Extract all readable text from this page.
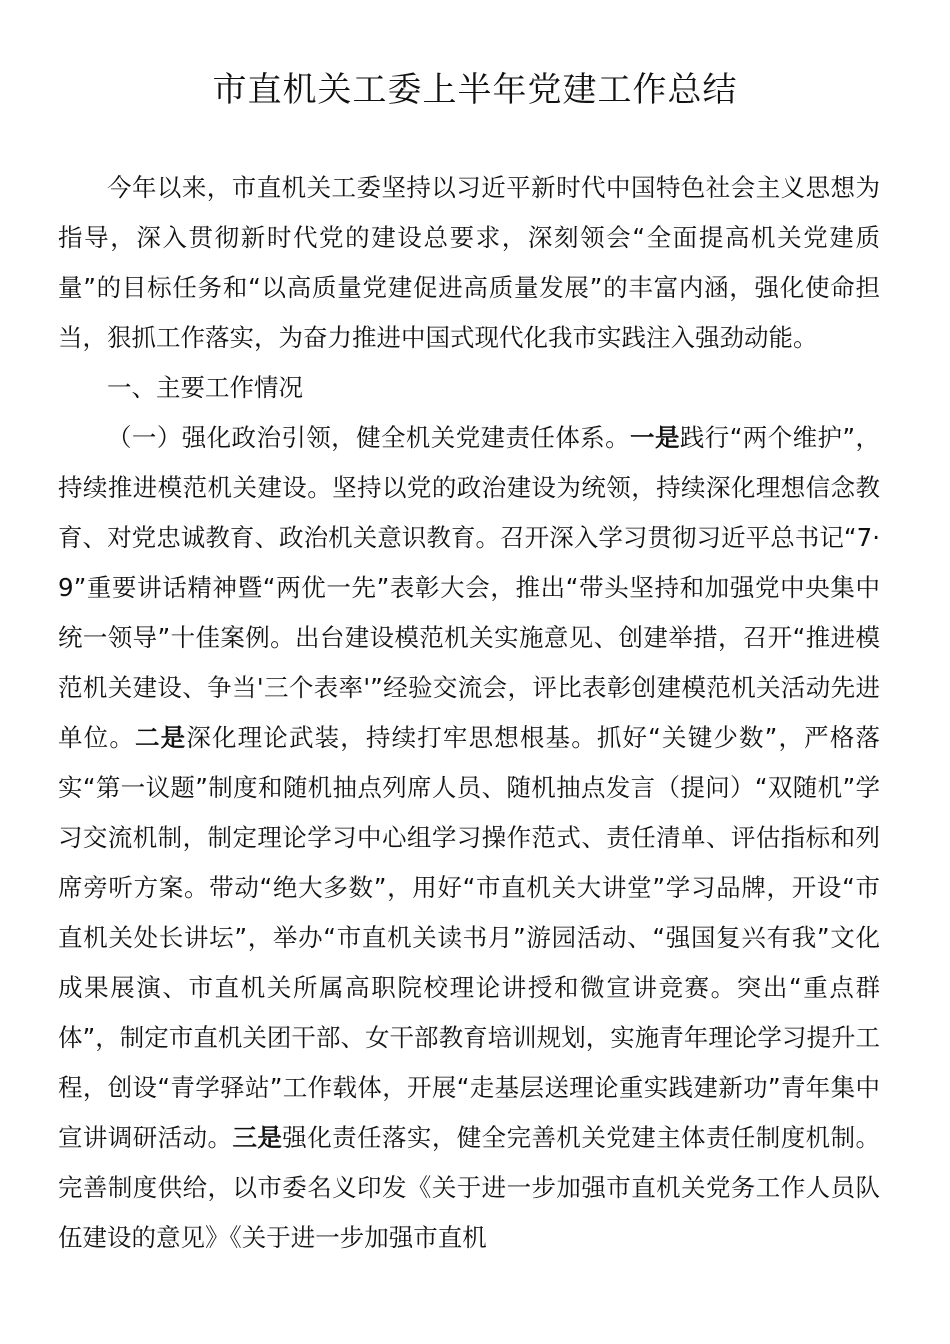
市直机关工委上半年党建工作总结

今年以来，市直机关工委坚持以习近平新时代中国特色社会主义思想为指导，深入贯彻新时代党的建设总要求，深刻领会“全面提高机关党建质量”的目标任务和“以高质量党建促进高质量发展”的丰富内涵，强化使命担当，狠抓工作落实，为奋力推进中国式现代化我市实践注入强劲动能。

一、主要工作情况

（一）强化政治引领，健全机关党建责任体系。一是践行“两个维护”，持续推进模范机关建设。坚持以党的政治建设为统领，持续深化理想信念教育、对党忠诚教育、政治机关意识教育。召开深入学习贯彻习近平总书记“7·9”重要讲话精神暨“两优一先”表彰大会，推出“带头坚持和加强党中央集中统一领导”十佳案例。出台建设模范机关实施意见、创建举措，召开“推进模范机关建设、争当'三个表率'”经验交流会，评比表彰创建模范机关活动先进单位。二是深化理论武装，持续打牢思想根基。抓好“关键少数”，严格落实“第一议题”制度和随机抽点列席人员、随机抽点发言（提问）“双随机”学习交流机制，制定理论学习中心组学习操作范式、责任清单、评估指标和列席旁听方案。带动“绝大多数”，用好“市直机关大讲堂”学习品牌，开设“市直机关处长讲坛”，举办“市直机关读书月”游园活动、“强国复兴有我”文化成果展演、市直机关所属高职院校理论讲授和微宣讲竞赛。突出“重点群体”，制定市直机关团干部、女干部教育培训规划，实施青年理论学习提升工程，创设“青学驿站”工作载体，开展“走基层送理论重实践建新功”青年集中宣讲调研活动。三是强化责任落实，健全完善机关党建主体责任制度机制。完善制度供给，以市委名义印发《关于进一步加强市直机关党务工作人员队伍建设的意见》《关于进一步加强市直机
